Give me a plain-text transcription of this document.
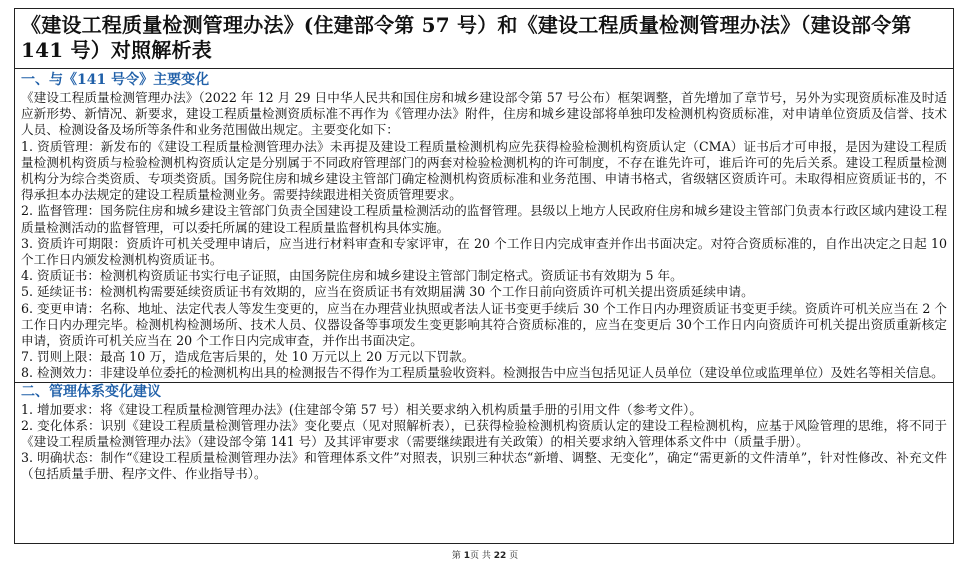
《建设工程质量检测管理办法》(住建部令第 57 号）和《建设工程质量检测管理办法》（建设部令第 141 号）对照解析表
一、与《141 号令》主要变化

《建设工程质量检测管理办法》（2022 年 12 月 29 日中华人民共和国住房和城乡建设部令第 57 号公布）框架调整，首先增加了章节号，另外为实现资质标准及时适应新形势、新情况、新要求，建设工程质量检测资质标准不再作为《管理办法》附件，住房和城乡建设部将单独印发检测机构资质标准，对申请单位资质及信誉、技术人员、检测设备及场所等条件和业务范围做出规定。主要变化如下：

1. 资质管理：新发布的《建设工程质量检测管理办法》未再提及建设工程质量检测机构应先获得检验检测机构资质认定（CMA）证书后才可申报，是因为建设工程质量检测机构资质与检验检测机构资质认定是分别属于不同政府管理部门的两套对检验检测机构的许可制度，不存在谁先许可，谁后许可的先后关系。建设工程质量检测机构分为综合类资质、专项类资质。国务院住房和城乡建设主管部门确定检测机构资质标准和业务范围、申请书格式，省级辖区资质许可。未取得相应资质证书的，不得承担本办法规定的建设工程质量检测业务。需要持续跟进相关资质管理要求。

2. 监督管理：国务院住房和城乡建设主管部门负责全国建设工程质量检测活动的监督管理。县级以上地方人民政府住房和城乡建设主管部门负责本行政区域内建设工程质量检测活动的监督管理，可以委托所属的建设工程质量监督机构具体实施。

3. 资质许可期限：资质许可机关受理申请后，应当进行材料审查和专家评审，在 20 个工作日内完成审查并作出书面决定。对符合资质标准的，自作出决定之日起 10 个工作日内颁发检测机构资质证书。

4. 资质证书：检测机构资质证书实行电子证照，由国务院住房和城乡建设主管部门制定格式。资质证书有效期为 5 年。

5. 延续证书：检测机构需要延续资质证书有效期的，应当在资质证书有效期届满 30 个工作日前向资质许可机关提出资质延续申请。

6. 变更申请：名称、地址、法定代表人等发生变更的，应当在办理营业执照或者法人证书变更手续后 30 个工作日内办理资质证书变更手续。资质许可机关应当在 2 个工作日内办理完毕。检测机构检测场所、技术人员、仪器设备等事项发生变更影响其符合资质标准的，应当在变更后 30个工作日内向资质许可机关提出资质重新核定申请，资质许可机关应当在 20 个工作日内完成审查，并作出书面决定。

7. 罚则上限：最高 10 万，造成危害后果的，处 10 万元以上 20 万元以下罚款。

8. 检测效力：非建设单位委托的检测机构出具的检测报告不得作为工程质量验收资料。检测报告中应当包括见证人员单位（建设单位或监理单位）及姓名等相关信息。

二、管理体系变化建议

1. 增加要求：将《建设工程质量检测管理办法》(住建部令第 57 号）相关要求纳入机构质量手册的引用文件（参考文件）。

2. 变化体系：识别《建设工程质量检测管理办法》变化要点（见对照解析表），已获得检验检测机构资质认定的建设工程检测机构，应基于风险管理的思维，将不同于《建设工程质量检测管理办法》（建设部令第 141 号）及其评审要求（需要继续跟进有关政策）的相关要求纳入管理体系文件中（质量手册）。

3. 明确状态：制作“《建设工程质量检测管理办法》和管理体系文件”对照表，识别三种状态“新增、调整、无变化”，确定“需更新的文件清单”，针对性修改、补充文件（包括质量手册、程序文件、作业指导书）。

第 1页 共 22 页
